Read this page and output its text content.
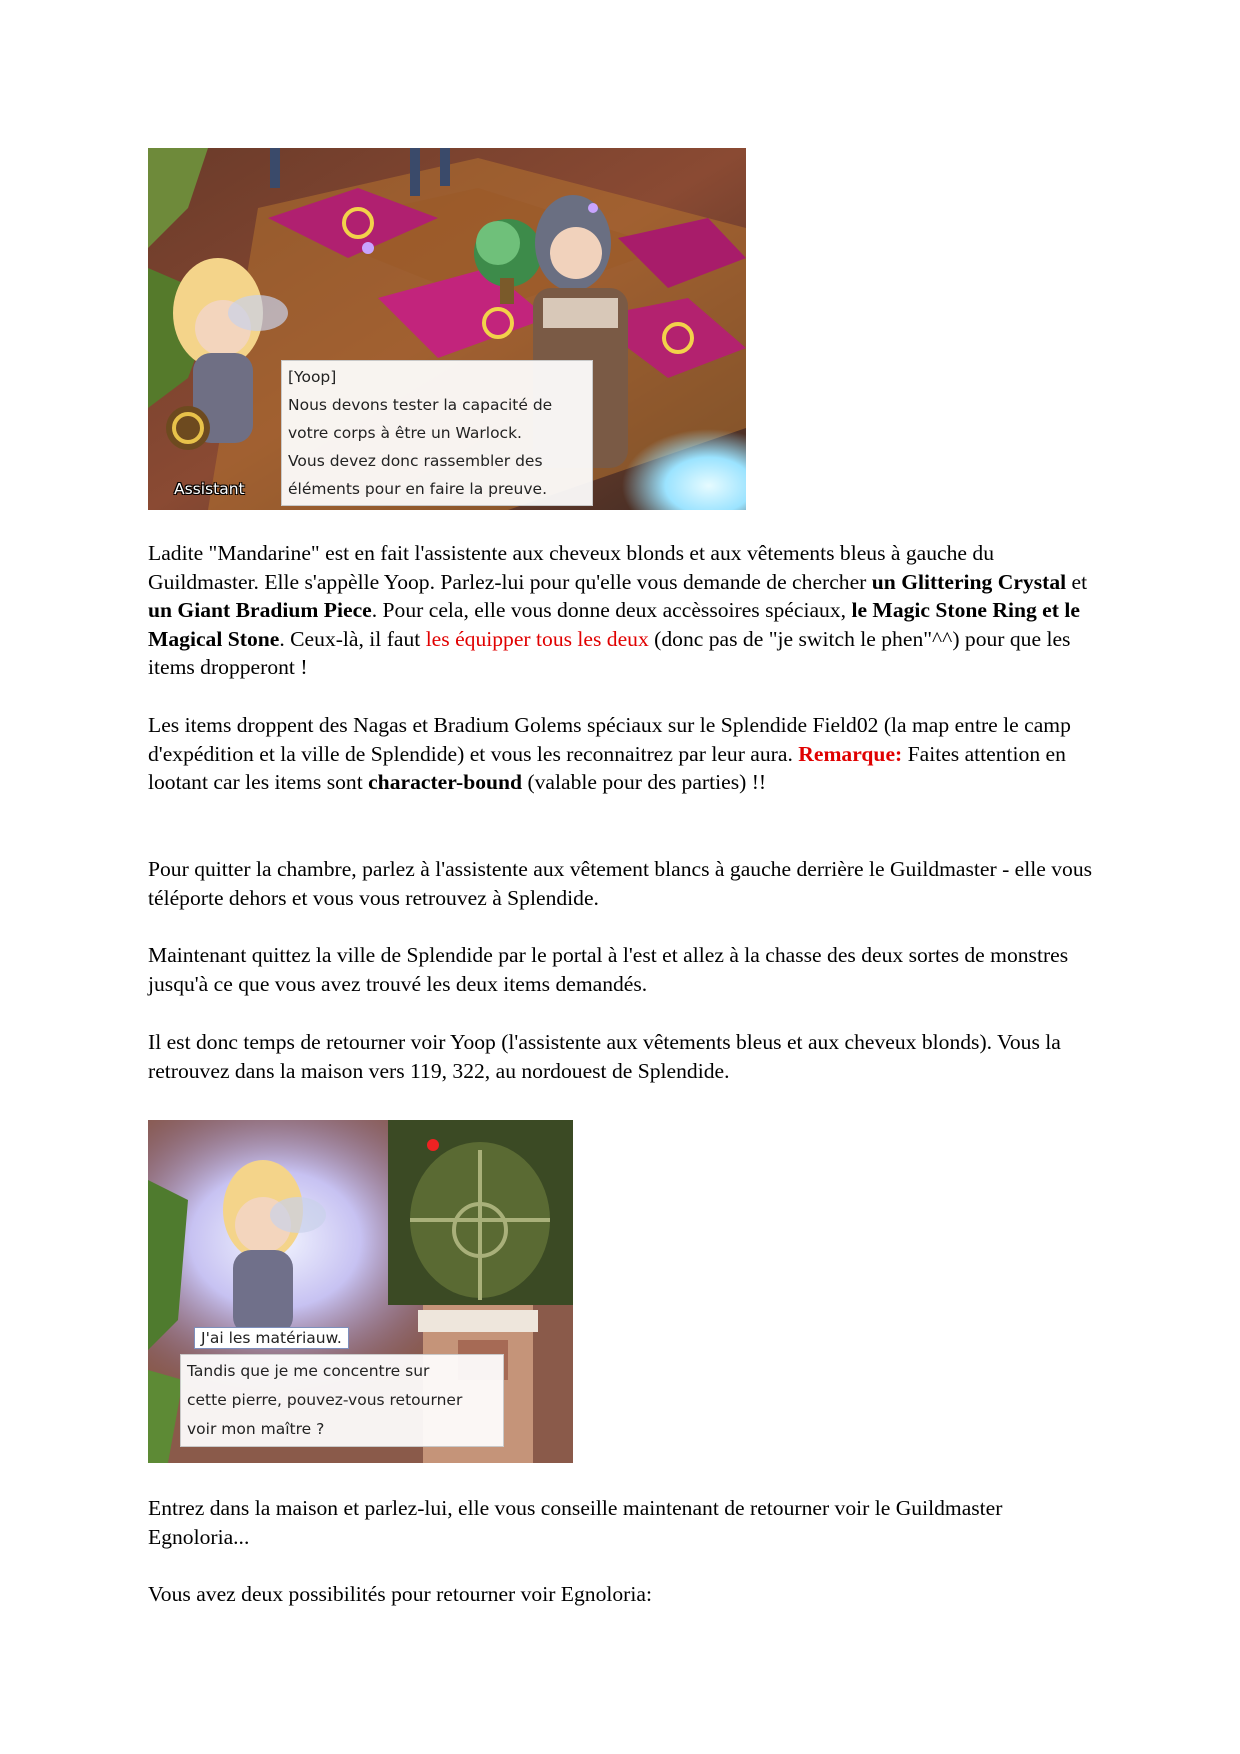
[Yoop]
Nous devons tester la capacité de
votre corps à être un Warlock.
Vous devez donc rassembler des
éléments pour en faire la preuve.
Assistant

Ladite "Mandarine" est en fait l'assistente aux cheveux blonds et aux vêtements bleus à gauche du Guildmaster. Elle s'appèlle Yoop. Parlez-lui pour qu'elle vous demande de chercher un Glittering Crystal et un Giant Bradium Piece. Pour cela, elle vous donne deux accèssoires spéciaux, le Magic Stone Ring et le Magical Stone. Ceux-là, il faut les équipper tous les deux (donc pas de "je switch le phen"^^) pour que les items dropperont !

Les items droppent des Nagas et Bradium Golems spéciaux sur le Splendide Field02 (la map entre le camp d'expédition et la ville de Splendide) et vous les reconnaitrez par leur aura. Remarque: Faites attention en lootant car les items sont character-bound (valable pour des parties) !!

Pour quitter la chambre, parlez à l'assistente aux vêtement blancs à gauche derrière le Guildmaster - elle vous téléporte dehors et vous vous retrouvez à Splendide.

Maintenant quittez la ville de Splendide par le portal à l'est et allez à la chasse des deux sortes de monstres jusqu'à ce que vous avez trouvé les deux items demandés.

Il est donc temps de retourner voir Yoop (l'assistente aux vêtements bleus et aux cheveux blonds). Vous la retrouvez dans la maison vers 119, 322, au nordouest de Splendide.

J'ai les matériauw.
Tandis que je me concentre sur
cette pierre, pouvez-vous retourner
voir mon maître ?

Entrez dans la maison et parlez-lui, elle vous conseille maintenant de retourner voir le Guildmaster Egnoloria...

Vous avez deux possibilités pour retourner voir Egnoloria:
